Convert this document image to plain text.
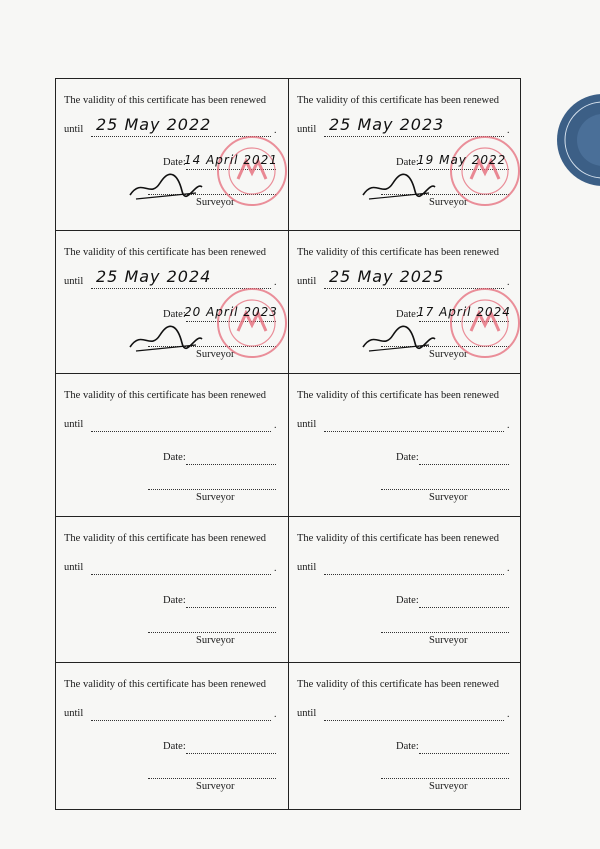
The validity of this certificate has been renewed
until	.
Date:
Surveyor
25 May 2022
14 April 2021
The validity of this certificate has been renewed
until	.
Date:
Surveyor
25 May 2023
19 May 2022
The validity of this certificate has been renewed
until	.
Date:
Surveyor
25 May 2024
20 April 2023
The validity of this certificate has been renewed
until	.
Date:
Surveyor
25 May 2025
17 April 2024
The validity of this certificate has been renewed
until	.
Date:
Surveyor
The validity of this certificate has been renewed
until	.
Date:
Surveyor
The validity of this certificate has been renewed
until	.
Date:
Surveyor
The validity of this certificate has been renewed
until	.
Date:
Surveyor
The validity of this certificate has been renewed
until	.
Date:
Surveyor
The validity of this certificate has been renewed
until	.
Date:
Surveyor
